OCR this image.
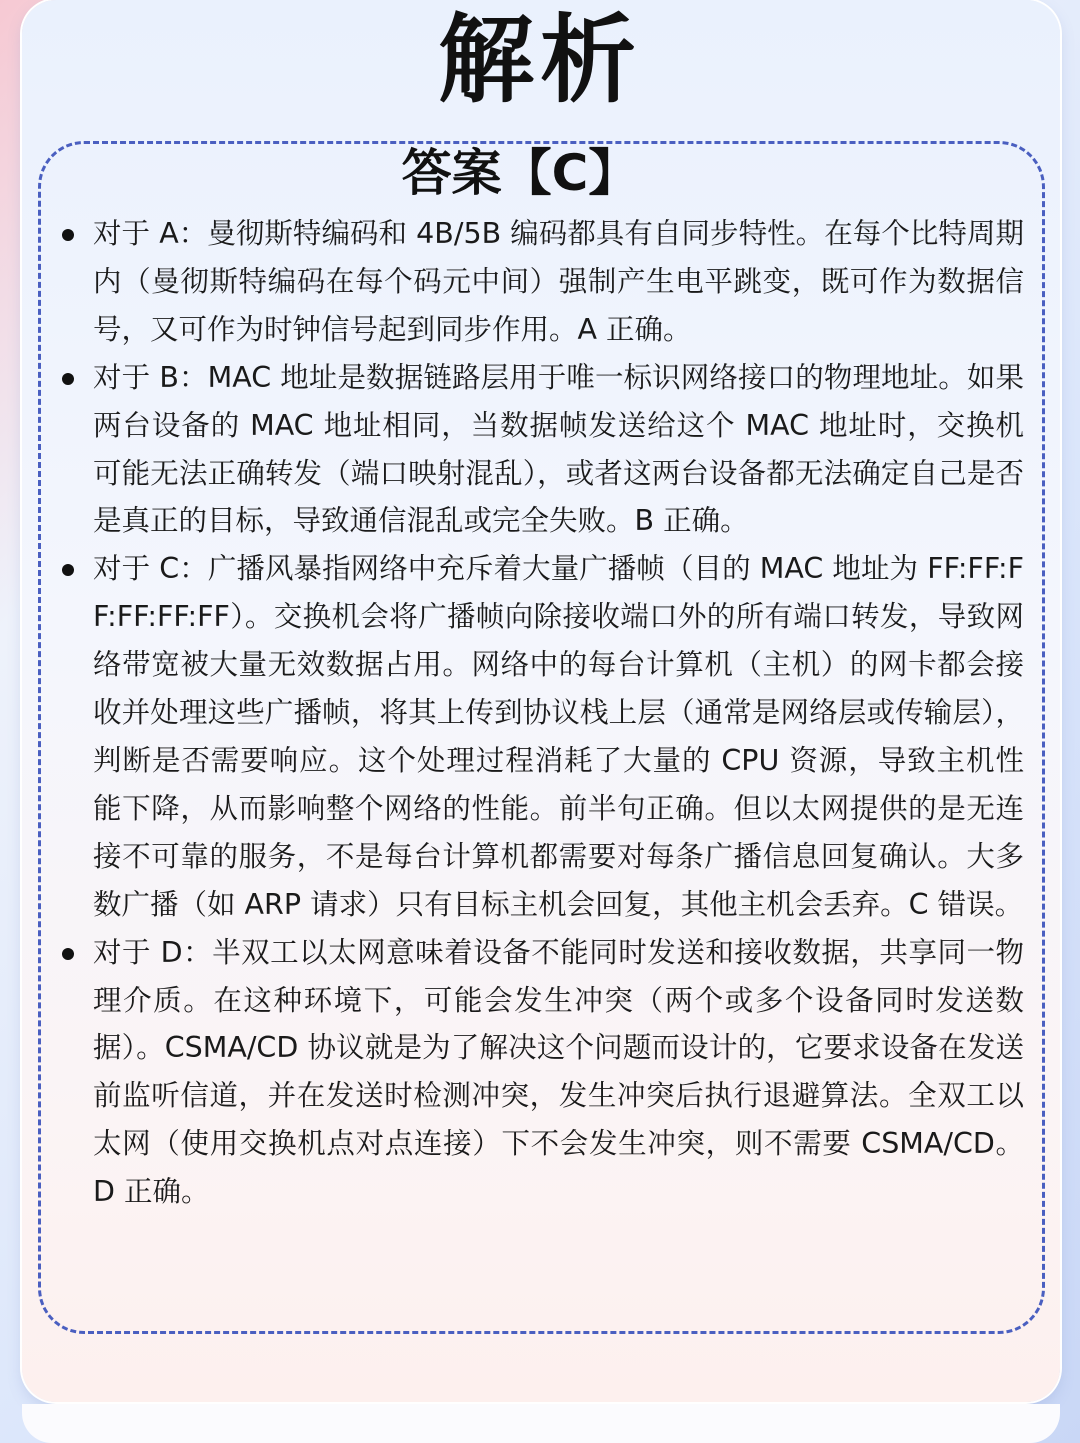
解析
答案【C】
对于 A：曼彻斯特编码和 4B/5B 编码都具有自同步特性。在每个比特周期内（曼彻斯特编码在每个码元中间）强制产生电平跳变，既可作为数据信号，又可作为时钟信号起到同步作用。A 正确。
对于 B：MAC 地址是数据链路层用于唯一标识网络接口的物理地址。如果两台设备的 MAC 地址相同，当数据帧发送给这个 MAC 地址时，交换机可能无法正确转发（端口映射混乱），或者这两台设备都无法确定自己是否是真正的目标，导致通信混乱或完全失败。B 正确。
对于 C：广播风暴指网络中充斥着大量广播帧（目的 MAC 地址为 FF:FF:FF:FF:FF:FF）。交换机会将广播帧向除接收端口外的所有端口转发，导致网络带宽被大量无效数据占用。网络中的每台计算机（主机）的网卡都会接收并处理这些广播帧，将其上传到协议栈上层（通常是网络层或传输层），判断是否需要响应。这个处理过程消耗了大量的 CPU 资源，导致主机性能下降，从而影响整个网络的性能。前半句正确。但以太网提供的是无连接不可靠的服务，不是每台计算机都需要对每条广播信息回复确认。大多数广播（如 ARP 请求）只有目标主机会回复，其他主机会丢弃。C 错误。
对于 D：半双工以太网意味着设备不能同时发送和接收数据，共享同一物理介质。在这种环境下，可能会发生冲突（两个或多个设备同时发送数据）。CSMA/CD 协议就是为了解决这个问题而设计的，它要求设备在发送前监听信道，并在发送时检测冲突，发生冲突后执行退避算法。全双工以太网（使用交换机点对点连接）下不会发生冲突，则不需要 CSMA/CD。D 正确。
